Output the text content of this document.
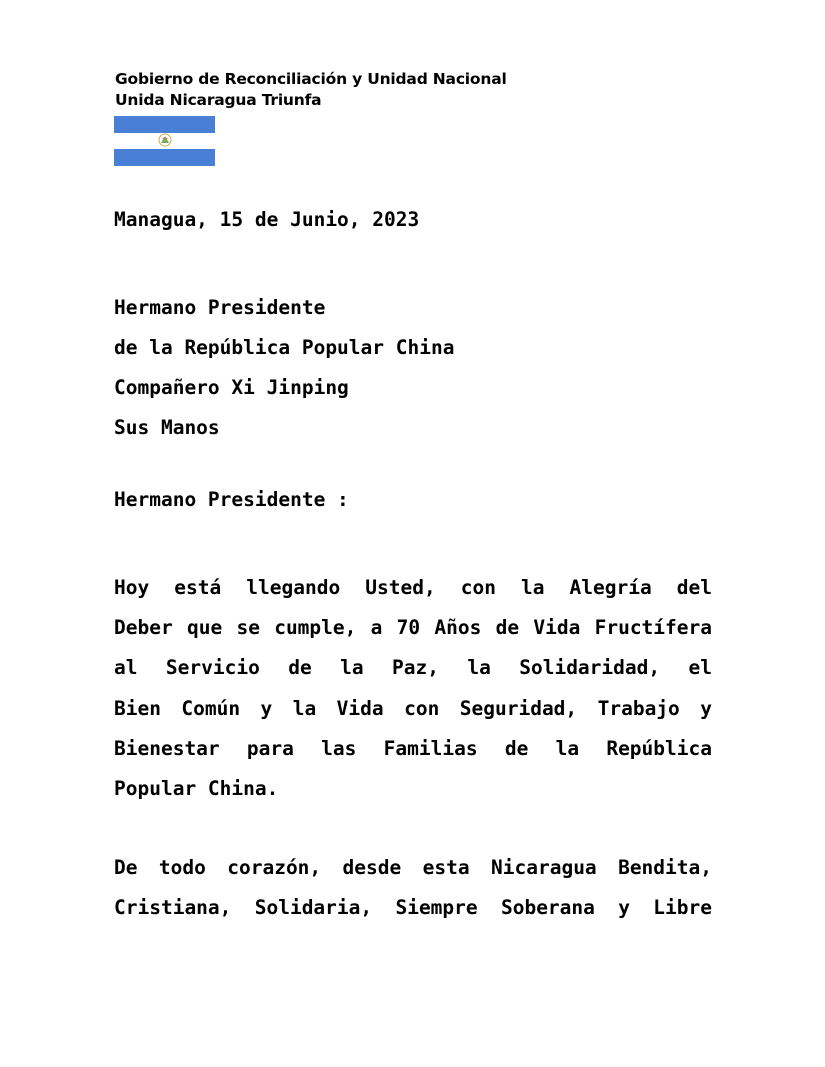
Gobierno de Reconciliación y Unidad Nacional
Unida Nicaragua Triunfa
Managua, 15 de Junio, 2023
Hermano Presidente
de la República Popular China
Compañero Xi Jinping
Sus Manos
Hermano Presidente :
Hoy está llegando Usted, con la Alegría del
Deber que se cumple, a 70 Años de Vida Fructífera
al Servicio de la Paz, la Solidaridad, el
Bien Común y la Vida con Seguridad, Trabajo y
Bienestar para las Familias de la República
Popular China.
De todo corazón, desde esta Nicaragua Bendita,
Cristiana, Solidaria, Siempre Soberana y Libre
